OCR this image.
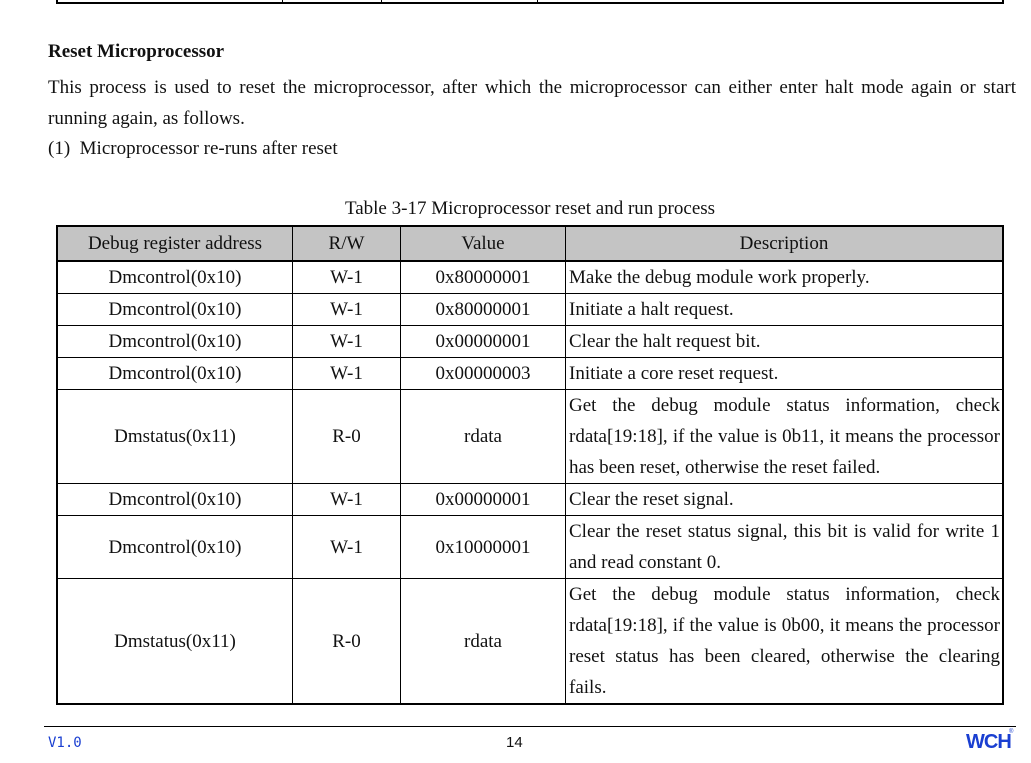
Reset Microprocessor

This process is used to reset the microprocessor, after which the microprocessor can either enter halt mode again or start running again, as follows.

(1)  Microprocessor re-runs after reset

Table 3-17 Microprocessor reset and run process

Debug register address	R/W	Value	Description
Dmcontrol(0x10)	W-1	0x80000001	Make the debug module work properly.
Dmcontrol(0x10)	W-1	0x80000001	Initiate a halt request.
Dmcontrol(0x10)	W-1	0x00000001	Clear the halt request bit.
Dmcontrol(0x10)	W-1	0x00000003	Initiate a core reset request.
Dmstatus(0x11)	R-0	rdata	Get the debug module status information, check rdata[19:18], if the value is 0b11, it means the processor has been reset, otherwise the reset failed.
Dmcontrol(0x10)	W-1	0x00000001	Clear the reset signal.
Dmcontrol(0x10)	W-1	0x10000001	Clear the reset status signal, this bit is valid for write 1 and read constant 0.
Dmstatus(0x11)	R-0	rdata	Get the debug module status information, check rdata[19:18], if the value is 0b00, it means the processor reset status has been cleared, otherwise the clearing fails.

V1.0	14	WCH
®
